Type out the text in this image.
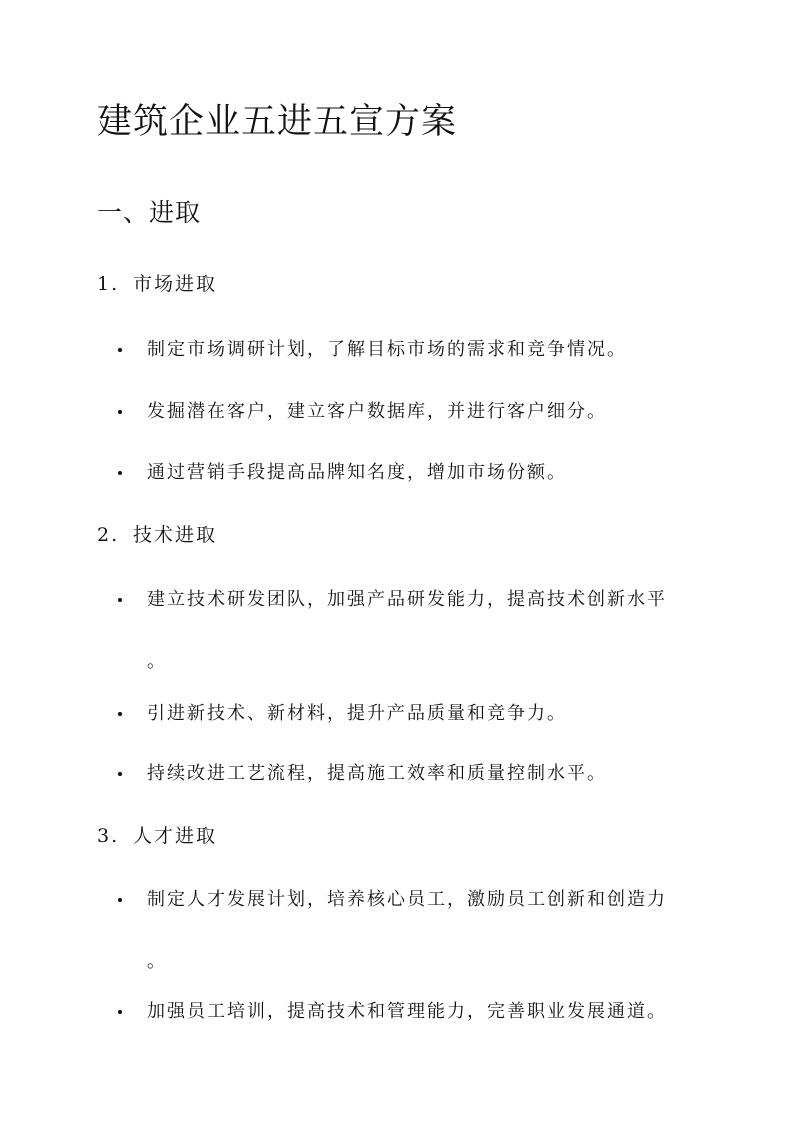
建筑企业五进五宣方案
一、进取
1. 市场进取
制定市场调研计划，了解目标市场的需求和竞争情况。
发掘潜在客户，建立客户数据库，并进行客户细分。
通过营销手段提高品牌知名度，增加市场份额。
2. 技术进取
建立技术研发团队，加强产品研发能力，提高技术创新水平
。
引进新技术、新材料，提升产品质量和竞争力。
持续改进工艺流程，提高施工效率和质量控制水平。
3. 人才进取
制定人才发展计划，培养核心员工，激励员工创新和创造力
。
加强员工培训，提高技术和管理能力，完善职业发展通道。
